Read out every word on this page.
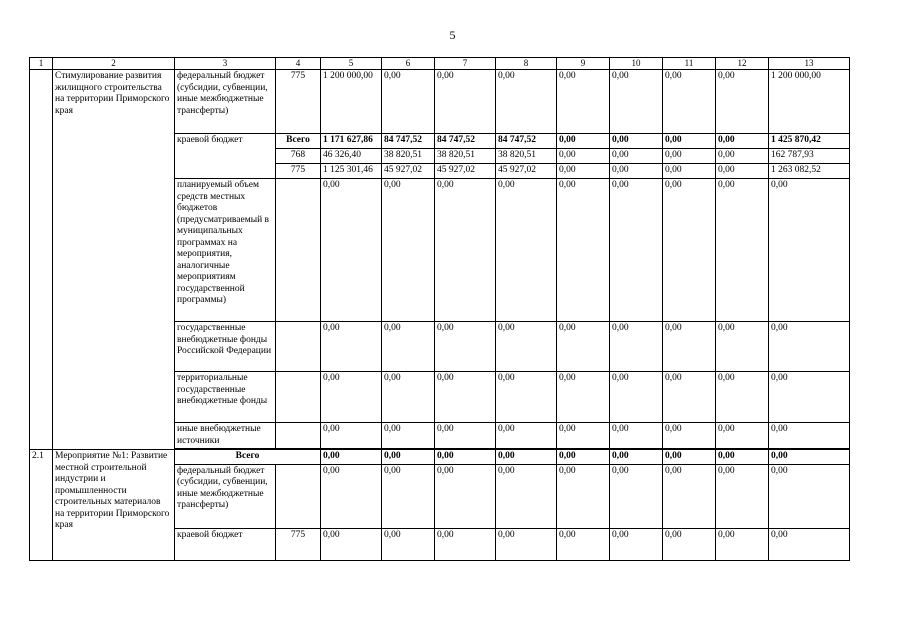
5
1	2	3	4	5	6	7	8	9	10	11	12	13
	Стимулирование развития жилищного строительства на территории Приморского края	федеральный бюджет (субсидии, субвенции, иные межбюджетные трансферты)	775	1 200 000,00	0,00	0,00	0,00	0,00	0,00	0,00	0,00	1 200 000,00
		краевой бюджет	Всего	1 171 627,86	84 747,52	84 747,52	84 747,52	0,00	0,00	0,00	0,00	1 425 870,42
			768	46 326,40	38 820,51	38 820,51	38 820,51	0,00	0,00	0,00	0,00	162 787,93
			775	1 125 301,46	45 927,02	45 927,02	45 927,02	0,00	0,00	0,00	0,00	1 263 082,52
		планируемый объем средств местных бюджетов (предусматриваемый в муниципальных программах на мероприятия, аналогичные мероприятиям государственной программы)		0,00	0,00	0,00	0,00	0,00	0,00	0,00	0,00	0,00
		государственные внебюджетные фонды Российской Федерации		0,00	0,00	0,00	0,00	0,00	0,00	0,00	0,00	0,00
		территориальные государственные внебюджетные фонды		0,00	0,00	0,00	0,00	0,00	0,00	0,00	0,00	0,00
		иные внебюджетные источники		0,00	0,00	0,00	0,00	0,00	0,00	0,00	0,00	0,00

2.1	Мероприятие №1: Развитие местной строительной индустрии и промышленности строительных материалов на территории Приморского края	Всего		0,00	0,00	0,00	0,00	0,00	0,00	0,00	0,00	0,00
		федеральный бюджет (субсидии, субвенции, иные межбюджетные трансферты)		0,00	0,00	0,00	0,00	0,00	0,00	0,00	0,00	0,00
		краевой бюджет	775	0,00	0,00	0,00	0,00	0,00	0,00	0,00	0,00	0,00
